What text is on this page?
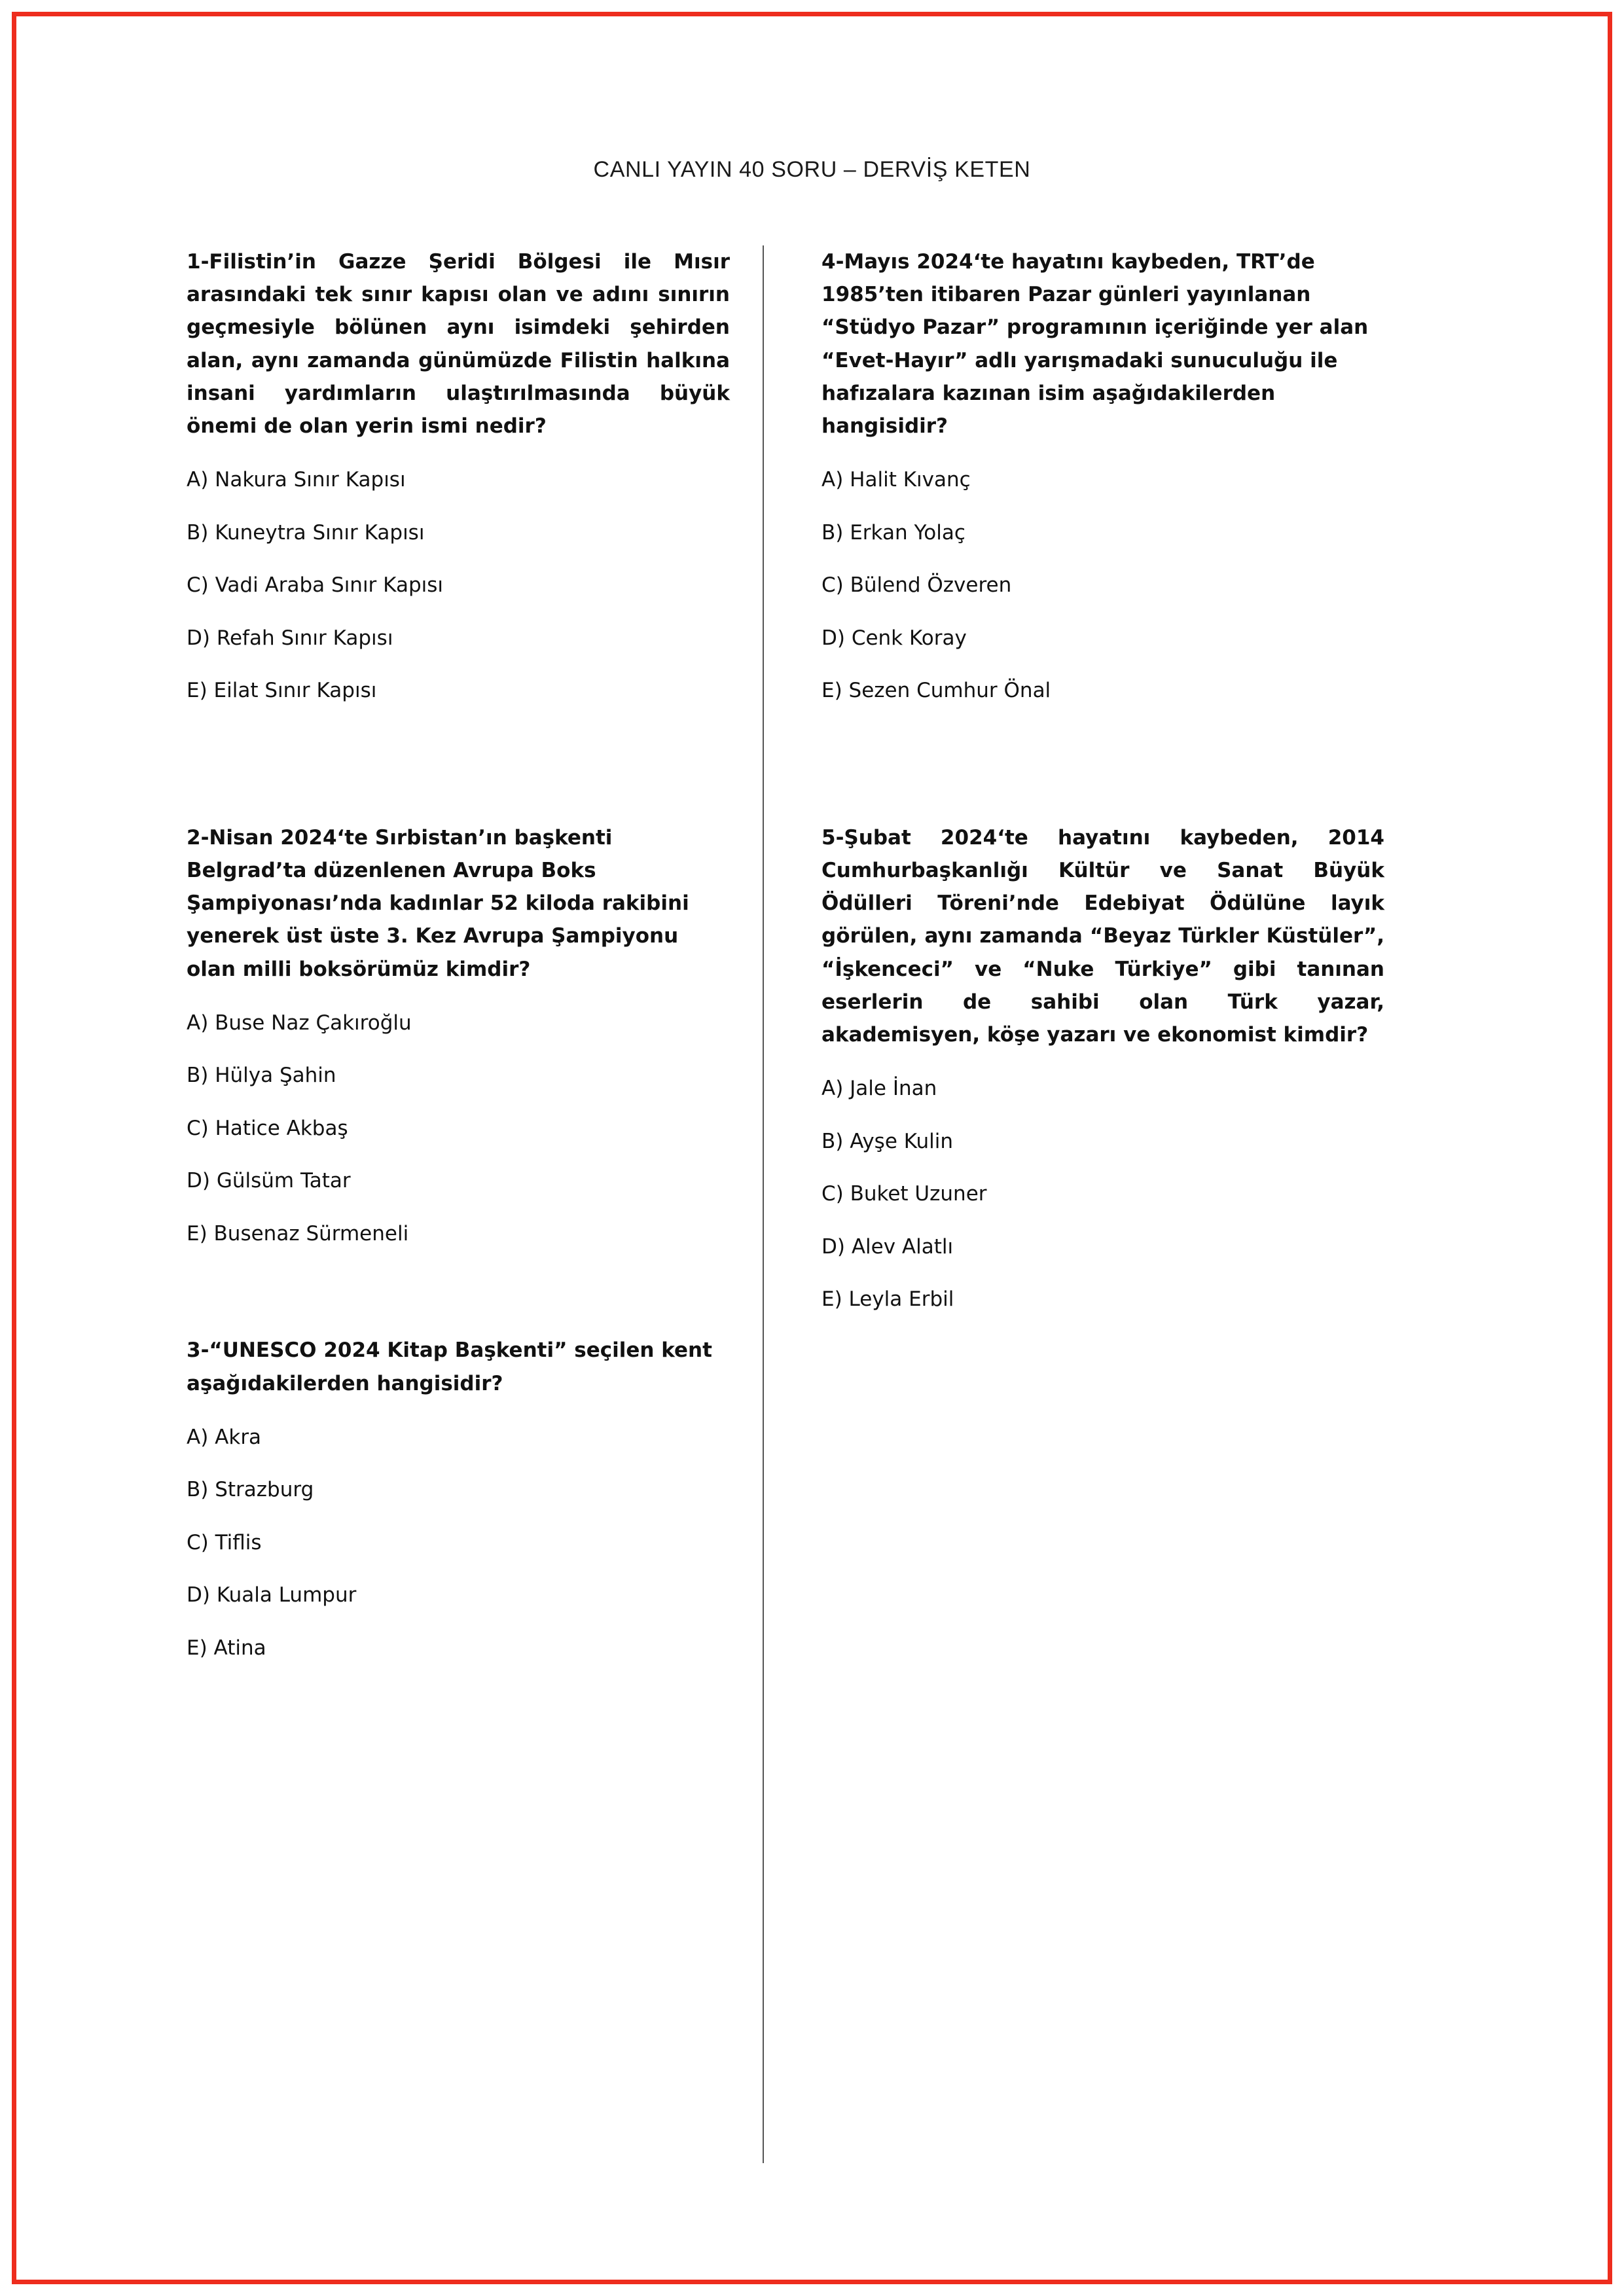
CANLI YAYIN 40 SORU – DERVİŞ KETEN
1-Filistin’in Gazze Şeridi Bölgesi ile Mısır arasındaki tek sınır kapısı olan ve adını sınırın geçmesiyle bölünen aynı isimdeki şehirden alan, aynı zamanda günümüzde Filistin halkına insani yardımların ulaştırılmasında büyük önemi de olan yerin ismi nedir?
A) Nakura Sınır Kapısı
B) Kuneytra Sınır Kapısı
C) Vadi Araba Sınır Kapısı
D) Refah Sınır Kapısı
E) Eilat Sınır Kapısı
2-Nisan 2024‘te Sırbistan’ın başkenti Belgrad’ta düzenlenen Avrupa Boks Şampiyonası’nda kadınlar 52 kiloda rakibini yenerek üst üste 3. Kez Avrupa Şampiyonu olan milli boksörümüz kimdir?
A) Buse Naz Çakıroğlu
B) Hülya Şahin
C) Hatice Akbaş
D) Gülsüm Tatar
E) Busenaz Sürmeneli
3-“UNESCO 2024 Kitap Başkenti” seçilen kent aşağıdakilerden hangisidir?
A) Akra
B) Strazburg
C) Tiflis
D) Kuala Lumpur
E) Atina
4-Mayıs 2024‘te hayatını kaybeden, TRT’de 1985’ten itibaren Pazar günleri yayınlanan “Stüdyo Pazar” programının içeriğinde yer alan “Evet-Hayır” adlı yarışmadaki sunuculuğu ile hafızalara kazınan isim aşağıdakilerden hangisidir?
A) Halit Kıvanç
B) Erkan Yolaç
C) Bülend Özveren
D) Cenk Koray
E) Sezen Cumhur Önal
5-Şubat 2024‘te hayatını kaybeden, 2014 Cumhurbaşkanlığı Kültür ve Sanat Büyük Ödülleri Töreni’nde Edebiyat Ödülüne layık görülen, aynı zamanda “Beyaz Türkler Küstüler”, “İşkenceci” ve “Nuke Türkiye” gibi tanınan eserlerin de sahibi olan Türk yazar, akademisyen, köşe yazarı ve ekonomist kimdir?
A) Jale İnan
B) Ayşe Kulin
C) Buket Uzuner
D) Alev Alatlı
E) Leyla Erbil
